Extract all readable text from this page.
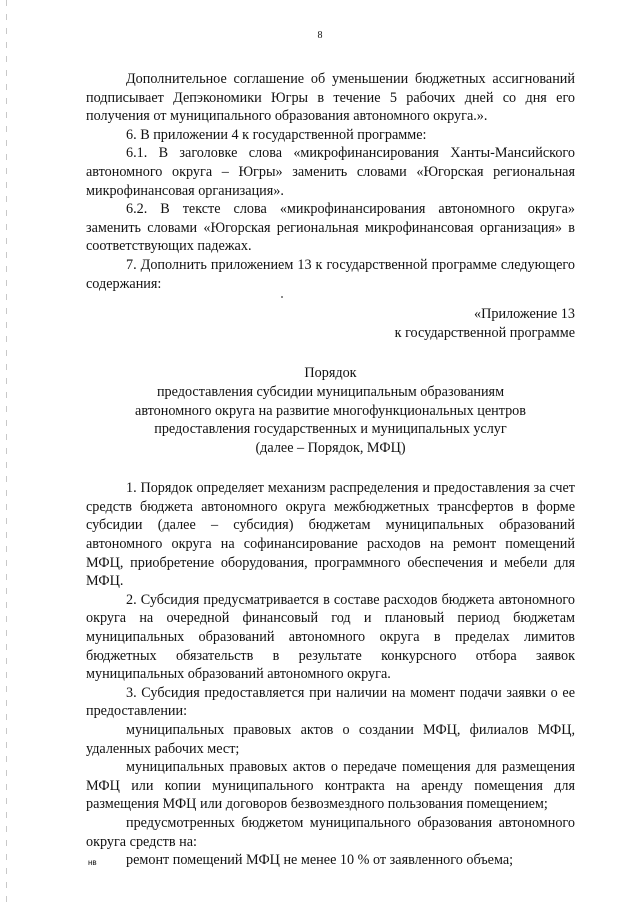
8

Дополнительное соглашение об уменьшении бюджетных ассигнований подписывает Депэкономики Югры в течение 5 рабочих дней со дня его получения от муниципального образования автономного округа.».

6. В приложении 4 к государственной программе:

6.1. В заголовке слова «микрофинансирования Ханты-Мансийского автономного округа – Югры» заменить словами «Югорская региональная микрофинансовая организация».

6.2. В тексте слова «микрофинансирования автономного округа» заменить словами «Югорская региональная микрофинансовая организация» в соответствующих падежах.

7. Дополнить приложением 13 к государственной программе следующего содержания:

«Приложение 13

к государственной программе

Порядок

предоставления субсидии муниципальным образованиям

автономного округа на развитие многофункциональных центров

предоставления государственных и муниципальных услуг

(далее – Порядок, МФЦ)

1. Порядок определяет механизм распределения и предоставления за счет средств бюджета автономного округа межбюджетных трансфертов в форме субсидии (далее – субсидия) бюджетам муниципальных образований автономного округа на софинансирование расходов на ремонт помещений МФЦ, приобретение оборудования, программного обеспечения и мебели для МФЦ.

2. Субсидия предусматривается в составе расходов бюджета автономного округа на очередной финансовый год и плановый период бюджетам муниципальных образований автономного округа в пределах лимитов бюджетных обязательств в результате конкурсного отбора заявок муниципальных образований автономного округа.

3. Субсидия предоставляется при наличии на момент подачи заявки о ее предоставлении:

муниципальных правовых актов о создании МФЦ, филиалов МФЦ, удаленных рабочих мест;

муниципальных правовых актов о передаче помещения для размещения МФЦ или копии муниципального контракта на аренду помещения для размещения МФЦ или договоров безвозмездного пользования помещением;

предусмотренных бюджетом муниципального образования автономного округа средств на:

ремонт помещений МФЦ не менее 10 % от заявленного объема;

нв
